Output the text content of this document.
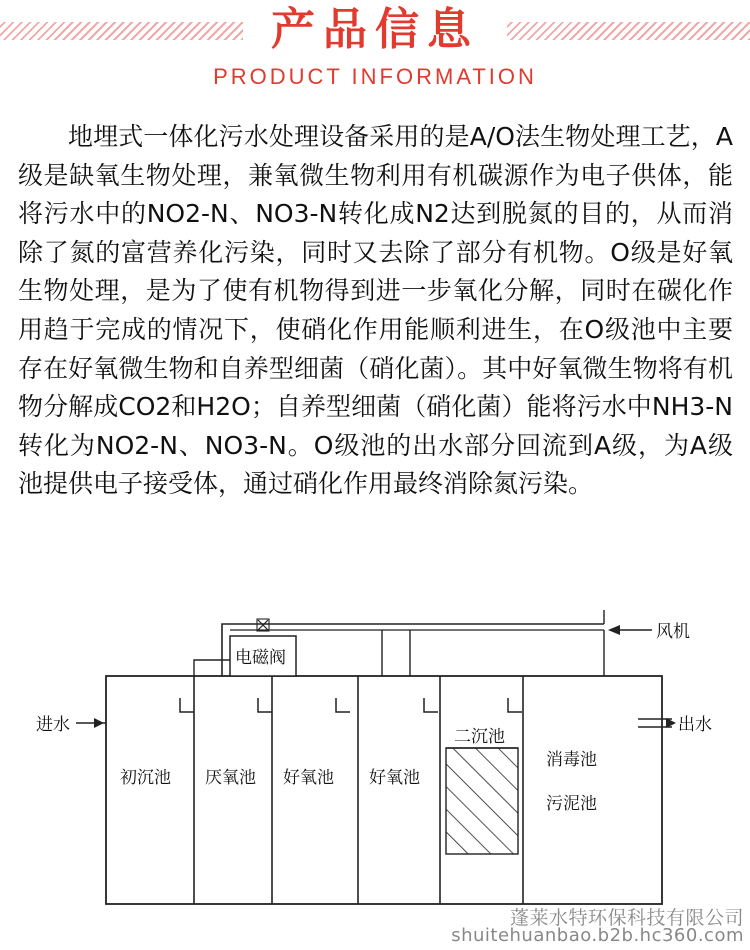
产品信息
PRODUCT INFORMATION
地埋式一体化污水处理设备采用的是A/O法生物处理工艺，A级是缺氧生物处理，兼氧微生物利用有机碳源作为电子供体，能将污水中的NO2-N、NO3-N转化成N2达到脱氮的目的，从而消除了氮的富营养化污染，同时又去除了部分有机物。O级是好氧生物处理，是为了使有机物得到进一步氧化分解，同时在碳化作用趋于完成的情况下，使硝化作用能顺利进生，在O级池中主要存在好氧微生物和自养型细菌（硝化菌）。其中好氧微生物将有机物分解成CO2和H2O；自养型细菌（硝化菌）能将污水中NH3-N转化为NO2-N、NO3-N。O级池的出水部分回流到A级，为A级池提供电子接受体，通过硝化作用最终消除氮污染。
电磁阀
风机
进水	出水
初沉池 厌氧池 好氧池 好氧池
二沉池
消毒池
污泥池
蓬莱水特环保科技有限公司
shuitehuanbao.b2b.hc360.com
